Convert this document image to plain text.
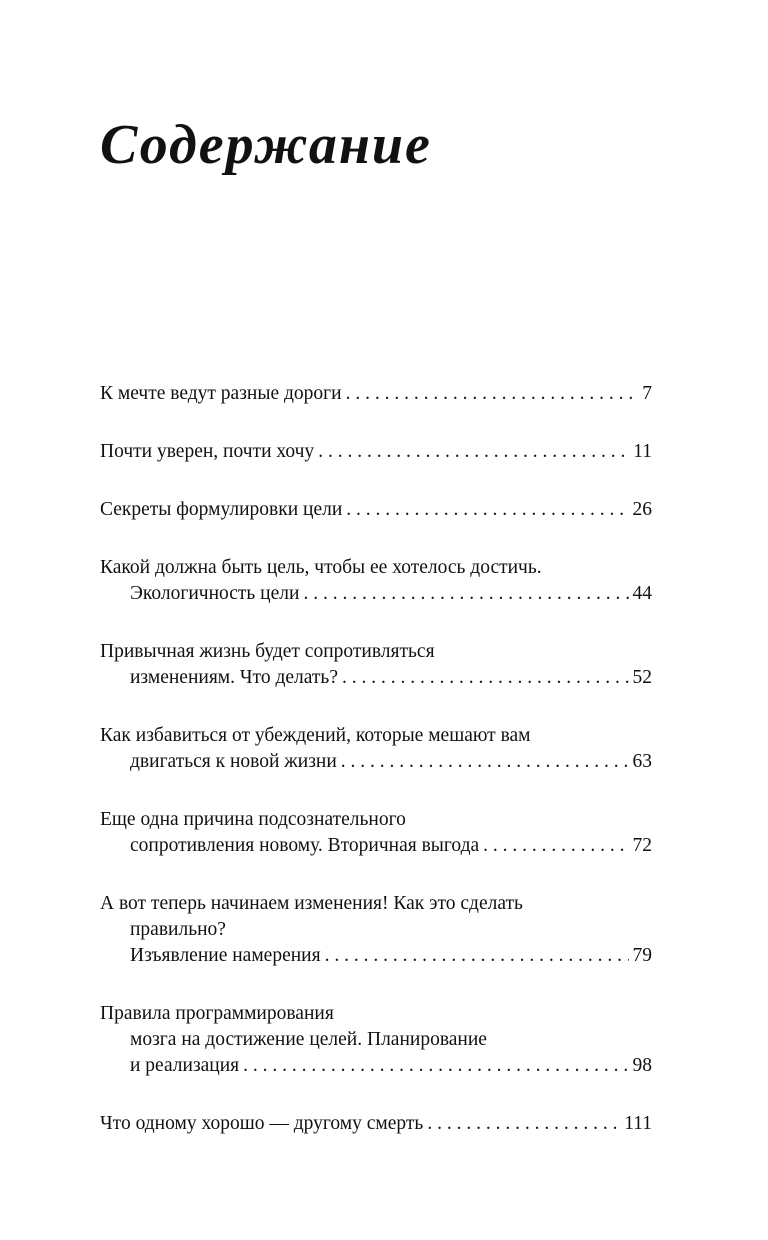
Содержание
К мечте ведут разные дороги . . .	7
Почти уверен, почти хочу . . .	11
Секреты формулировки цели . . .	26
Какой должна быть цель, чтобы ее хотелось достичь.
Экологичность цели . . .	44
Привычная жизнь будет сопротивляться
изменениям. Что делать? . . .	52
Как избавиться от убеждений, которые мешают вам
двигаться к новой жизни . . .	63
Еще одна причина подсознательного
сопротивления новому. Вторичная выгода . . .	72
А вот теперь начинаем изменения! Как это сделать
правильно?
Изъявление намерения . . .	79
Правила программирования
мозга на достижение целей. Планирование
и реализация . . .	98
Что одному хорошо — другому смерть . . .	111
